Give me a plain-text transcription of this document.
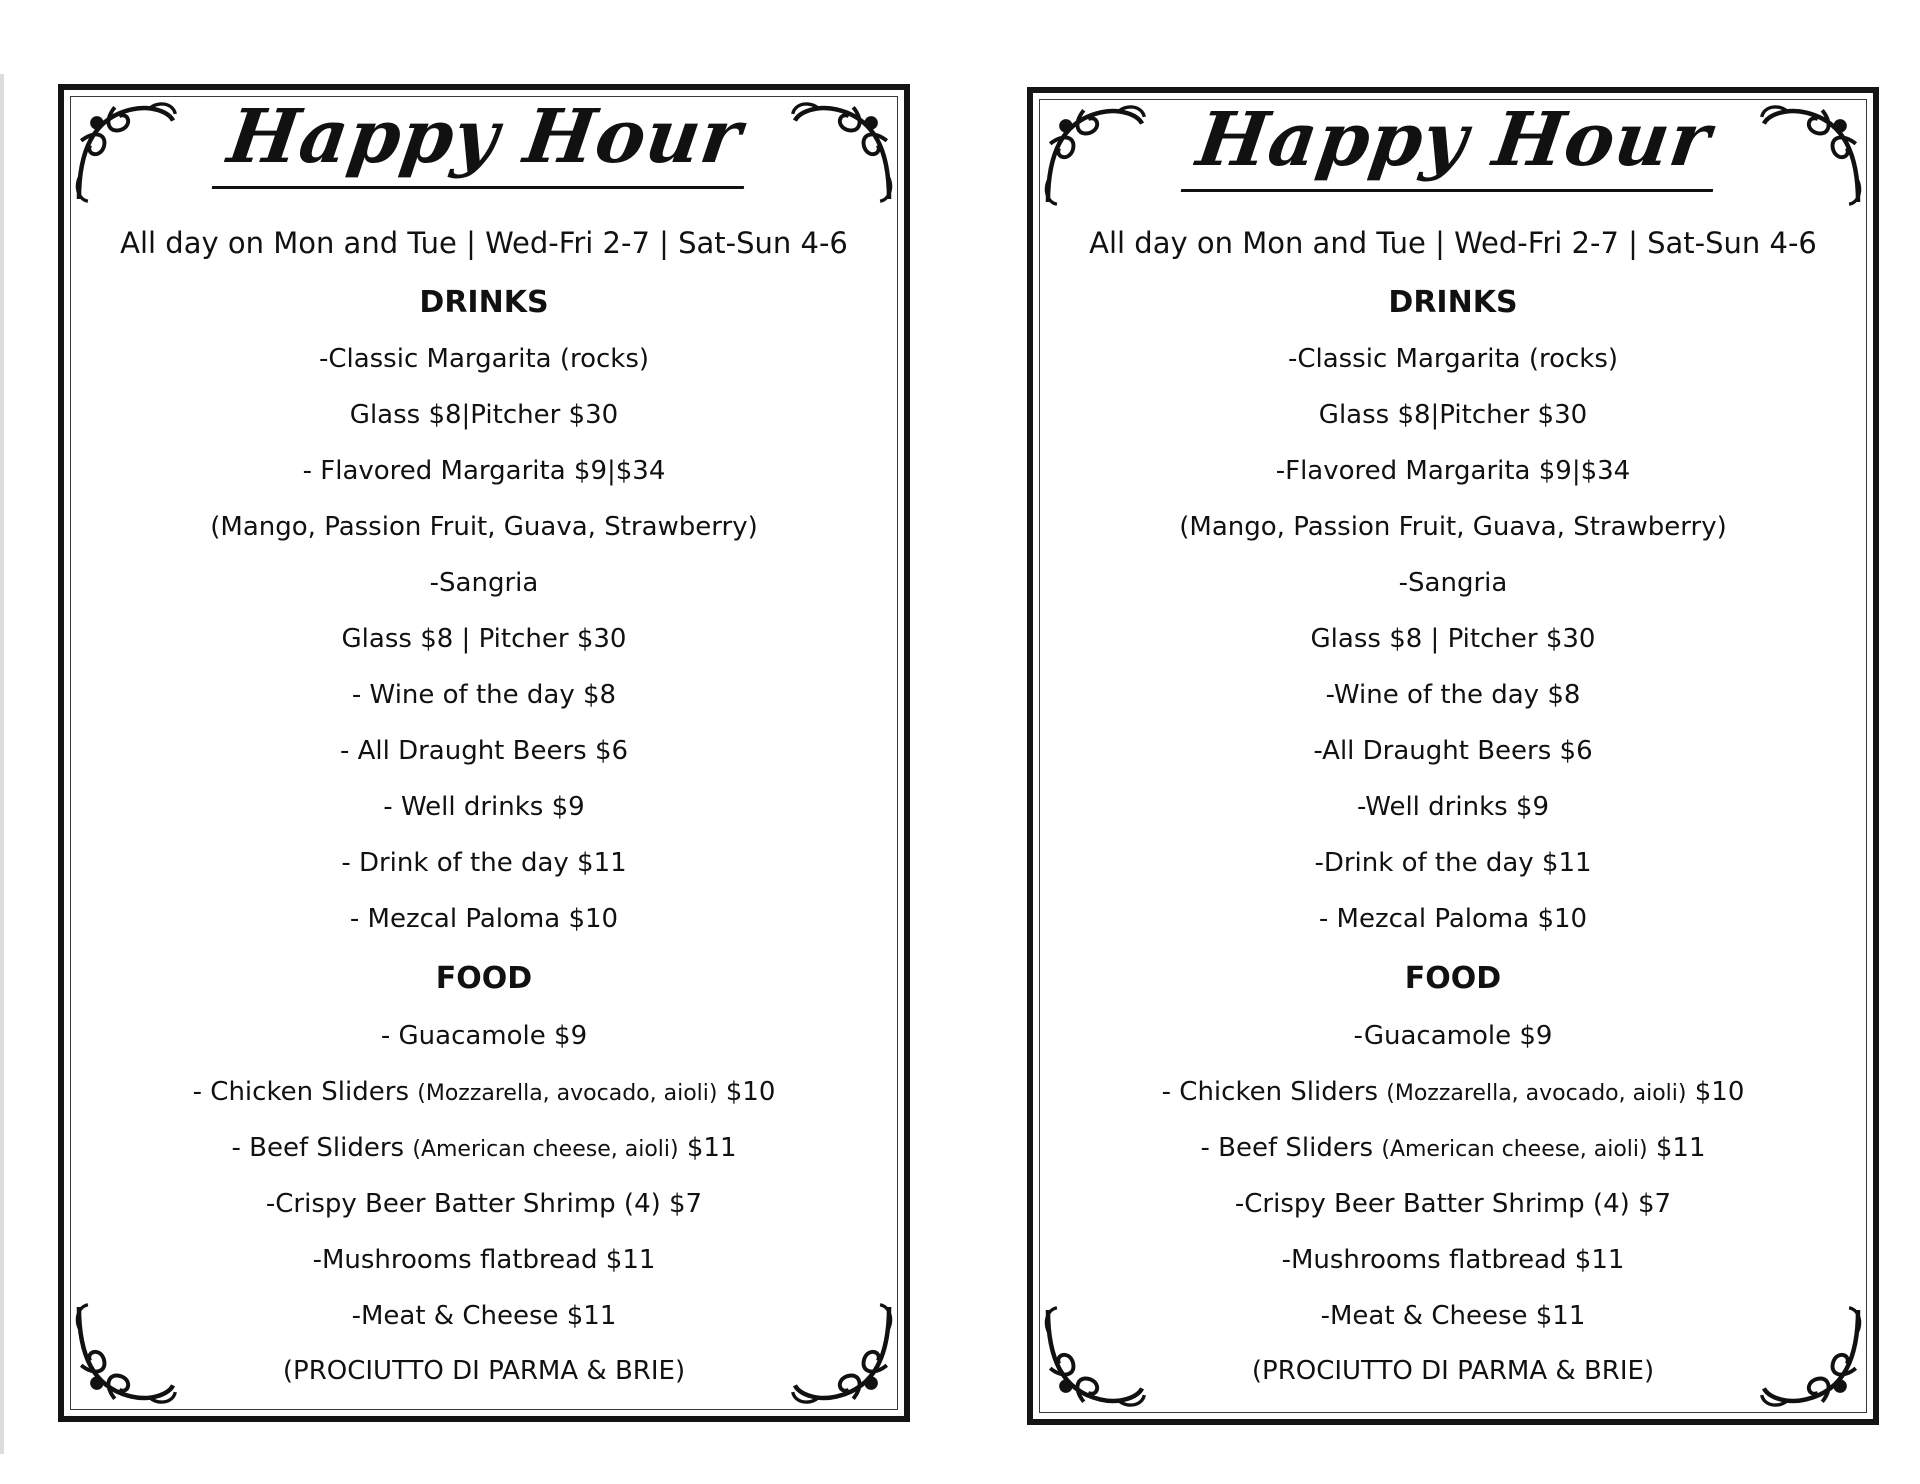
Happy Hour
All day on Mon and Tue | Wed-Fri 2-7 | Sat-Sun 4-6
DRINKS
-Classic Margarita (rocks)
Glass $8|Pitcher $30
- Flavored Margarita $9|$34
(Mango, Passion Fruit, Guava, Strawberry)
-Sangria
Glass $8 | Pitcher $30
- Wine of the day $8
- All Draught Beers $6
- Well drinks $9
- Drink of the day $11
- Mezcal Paloma $10
FOOD
- Guacamole $9
- Chicken Sliders (Mozzarella, avocado, aioli) $10
- Beef Sliders (American cheese, aioli) $11
-Crispy Beer Batter Shrimp (4) $7
-Mushrooms flatbread $11
-Meat & Cheese $11
(PROCIUTTO DI PARMA & BRIE)
Happy Hour
All day on Mon and Tue | Wed-Fri 2-7 | Sat-Sun 4-6
DRINKS
-Classic Margarita (rocks)
Glass $8|Pitcher $30
-Flavored Margarita $9|$34
(Mango, Passion Fruit, Guava, Strawberry)
-Sangria
Glass $8 | Pitcher $30
-Wine of the day $8
-All Draught Beers $6
-Well drinks $9
-Drink of the day $11
- Mezcal Paloma $10
FOOD
-Guacamole $9
- Chicken Sliders (Mozzarella, avocado, aioli) $10
- Beef Sliders (American cheese, aioli) $11
-Crispy Beer Batter Shrimp (4) $7
-Mushrooms flatbread $11
-Meat & Cheese $11
(PROCIUTTO DI PARMA & BRIE)
